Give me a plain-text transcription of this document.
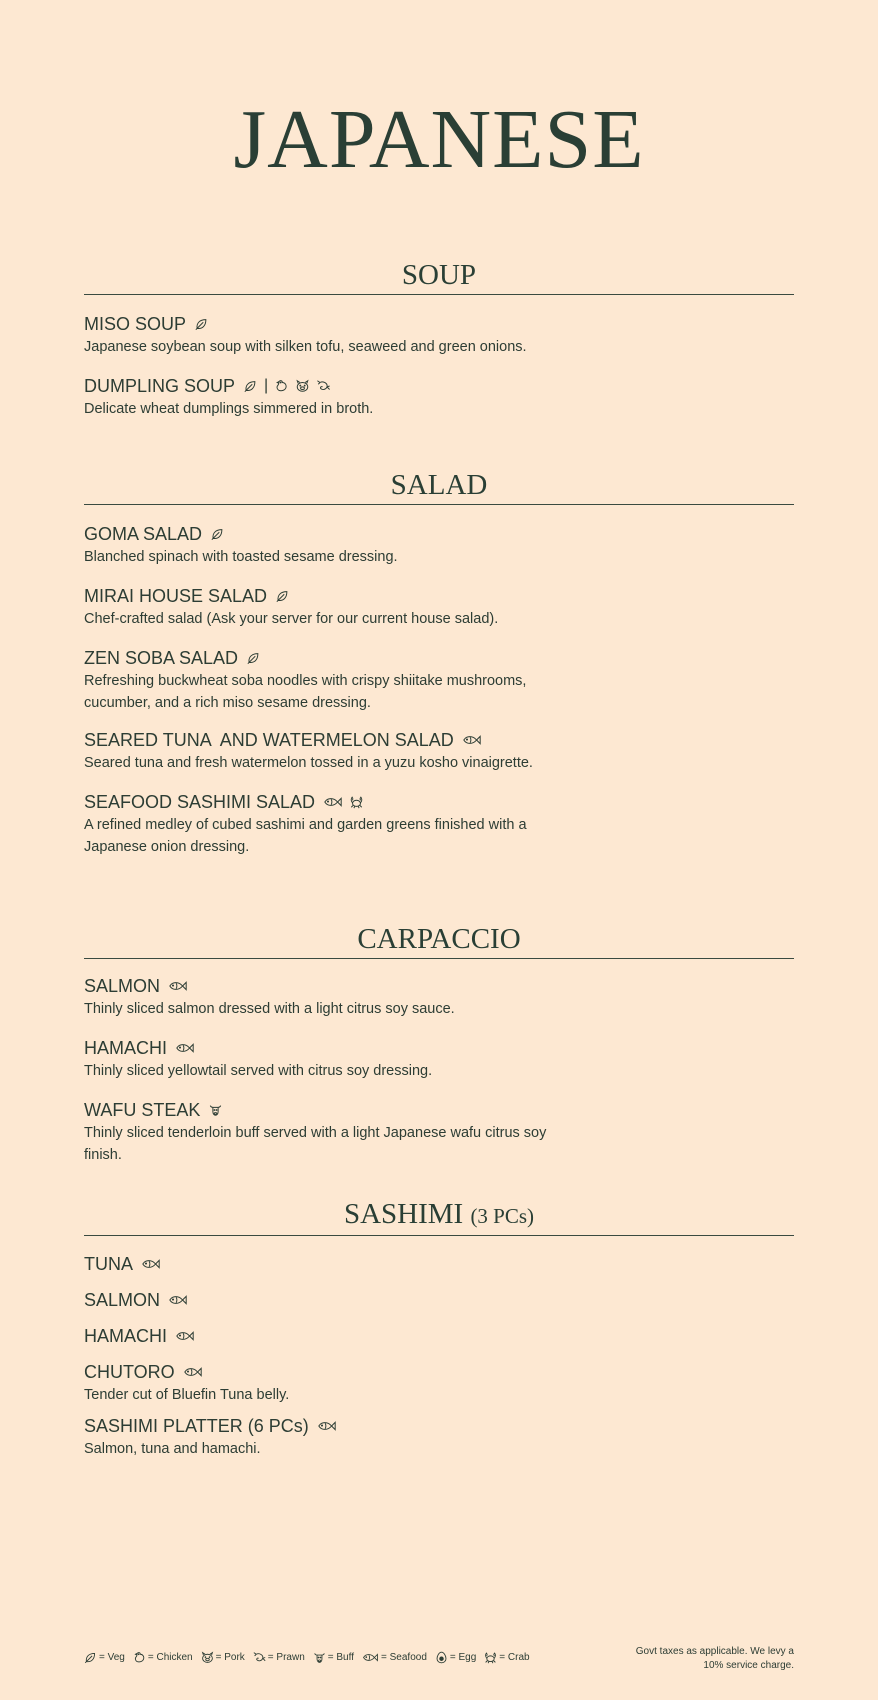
JAPANESE
SOUP
MISO SOUP
Japanese soybean soup with silken tofu, seaweed and green onions.
DUMPLING SOUP |
Delicate wheat dumplings simmered in broth.
SALAD
GOMA SALAD
Blanched spinach with toasted sesame dressing.
MIRAI HOUSE SALAD
Chef-crafted salad (Ask your server for our current house salad).
ZEN SOBA SALAD
Refreshing buckwheat soba noodles with crispy shiitake mushrooms, cucumber, and a rich miso sesame dressing.
SEARED TUNA  AND WATERMELON SALAD
Seared tuna and fresh watermelon tossed in a yuzu kosho vinaigrette.
SEAFOOD SASHIMI SALAD
A refined medley of cubed sashimi and garden greens finished with a Japanese onion dressing.
CARPACCIO
SALMON
Thinly sliced salmon dressed with a light citrus soy sauce.
HAMACHI
Thinly sliced yellowtail served with citrus soy dressing.
WAFU STEAK
Thinly sliced tenderloin buff served with a light Japanese wafu citrus soy finish.
SASHIMI (3 PCs)
TUNA
SALMON
HAMACHI
CHUTORO
Tender cut of Bluefin Tuna belly.
SASHIMI PLATTER (6 PCs)
Salmon, tuna and hamachi.
= Veg = Chicken = Pork = Prawn = Buff	= Seafood = Egg = Crab
Govt taxes as applicable. We levy a 10% service charge.
